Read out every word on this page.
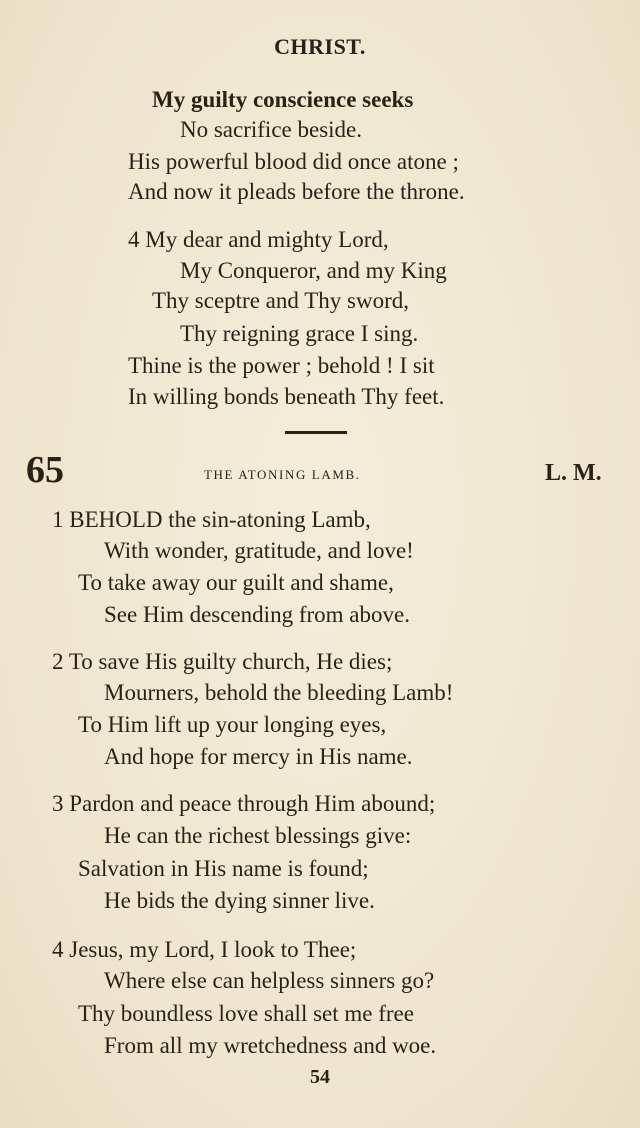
CHRIST.
My guilty conscience seeks
No sacrifice beside.
His powerful blood did once atone ;
And now it pleads before the throne.
4 My dear and mighty Lord,
My Conqueror, and my King
Thy sceptre and Thy sword,
Thy reigning grace I sing.
Thine is the power ; behold ! I sit
In willing bonds beneath Thy feet.
65	THE ATONING LAMB.	L. M.
1 BEHOLD the sin-atoning Lamb,
With wonder, gratitude, and love!
To take away our guilt and shame,
See Him descending from above.
2 To save His guilty church, He dies;
Mourners, behold the bleeding Lamb!
To Him lift up your longing eyes,
And hope for mercy in His name.
3 Pardon and peace through Him abound;
He can the richest blessings give:
Salvation in His name is found;
He bids the dying sinner live.
4 Jesus, my Lord, I look to Thee;
Where else can helpless sinners go?
Thy boundless love shall set me free
From all my wretchedness and woe.
54
